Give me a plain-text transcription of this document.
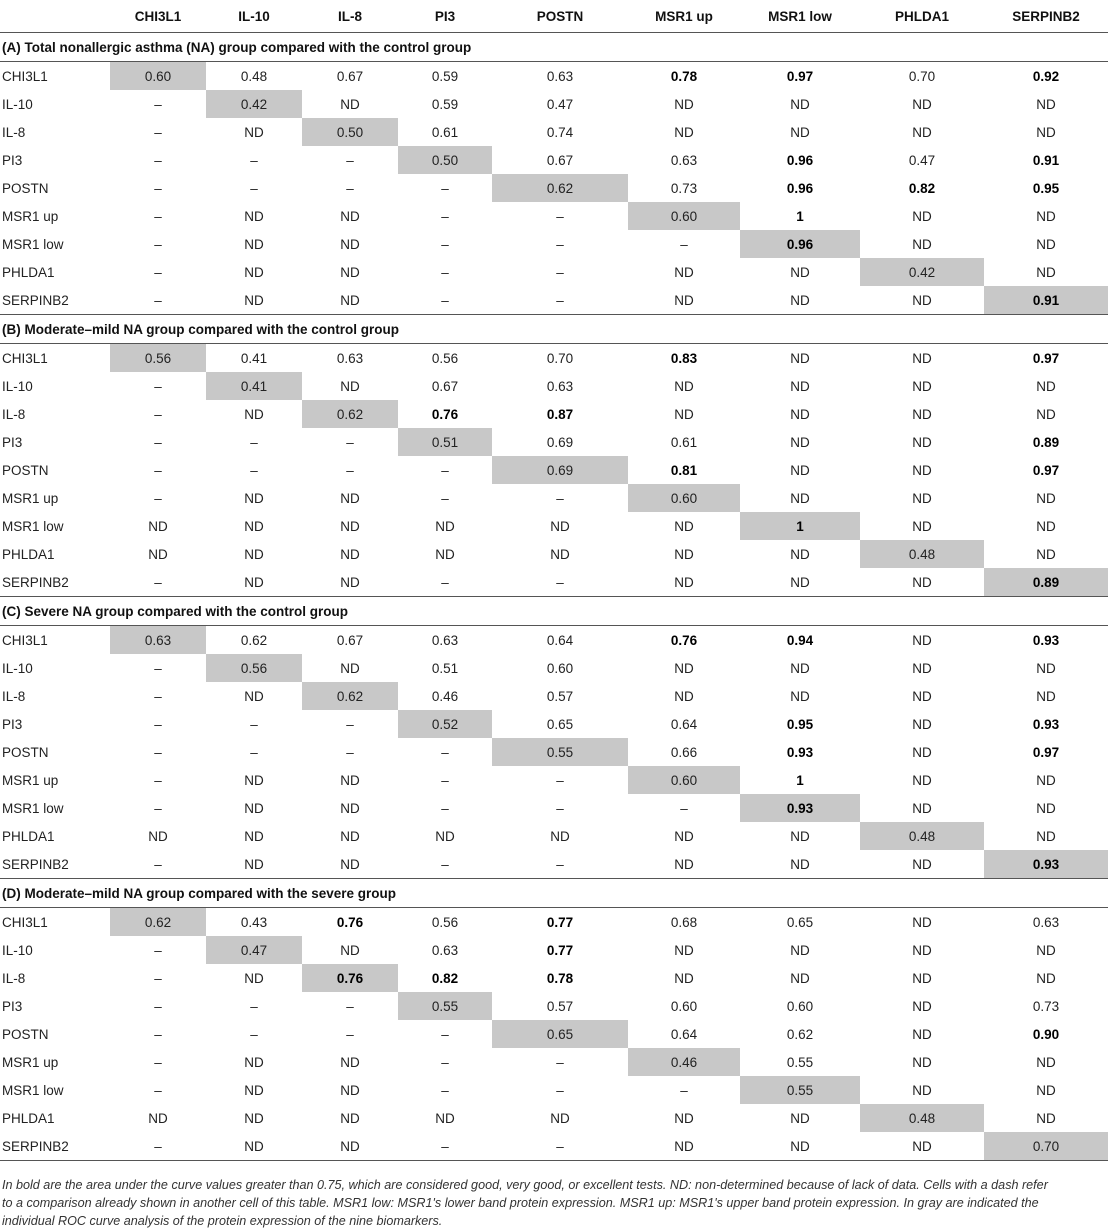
	CHI3L1	IL-10	IL-8	PI3	POSTN	MSR1 up	MSR1 low	PHLDA1	SERPINB2
(A) Total nonallergic asthma (NA) group compared with the control group									
CHI3L1	0.60	0.48	0.67	0.59	0.63	0.78	0.97	0.70	0.92
IL-10	–	0.42	ND	0.59	0.47	ND	ND	ND	ND
IL-8	–	ND	0.50	0.61	0.74	ND	ND	ND	ND
PI3	–	–	–	0.50	0.67	0.63	0.96	0.47	0.91
POSTN	–	–	–	–	0.62	0.73	0.96	0.82	0.95
MSR1 up	–	ND	ND	–	–	0.60	1	ND	ND
MSR1 low	–	ND	ND	–	–	–	0.96	ND	ND
PHLDA1	–	ND	ND	–	–	ND	ND	0.42	ND
SERPINB2	–	ND	ND	–	–	ND	ND	ND	0.91
(B) Moderate–mild NA group compared with the control group									
CHI3L1	0.56	0.41	0.63	0.56	0.70	0.83	ND	ND	0.97
IL-10	–	0.41	ND	0.67	0.63	ND	ND	ND	ND
IL-8	–	ND	0.62	0.76	0.87	ND	ND	ND	ND
PI3	–	–	–	0.51	0.69	0.61	ND	ND	0.89
POSTN	–	–	–	–	0.69	0.81	ND	ND	0.97
MSR1 up	–	ND	ND	–	–	0.60	ND	ND	ND
MSR1 low	ND	ND	ND	ND	ND	ND	1	ND	ND
PHLDA1	ND	ND	ND	ND	ND	ND	ND	0.48	ND
SERPINB2	–	ND	ND	–	–	ND	ND	ND	0.89
(C) Severe NA group compared with the control group									
CHI3L1	0.63	0.62	0.67	0.63	0.64	0.76	0.94	ND	0.93
IL-10	–	0.56	ND	0.51	0.60	ND	ND	ND	ND
IL-8	–	ND	0.62	0.46	0.57	ND	ND	ND	ND
PI3	–	–	–	0.52	0.65	0.64	0.95	ND	0.93
POSTN	–	–	–	–	0.55	0.66	0.93	ND	0.97
MSR1 up	–	ND	ND	–	–	0.60	1	ND	ND
MSR1 low	–	ND	ND	–	–	–	0.93	ND	ND
PHLDA1	ND	ND	ND	ND	ND	ND	ND	0.48	ND
SERPINB2	–	ND	ND	–	–	ND	ND	ND	0.93
(D) Moderate–mild NA group compared with the severe group									
CHI3L1	0.62	0.43	0.76	0.56	0.77	0.68	0.65	ND	0.63
IL-10	–	0.47	ND	0.63	0.77	ND	ND	ND	ND
IL-8	–	ND	0.76	0.82	0.78	ND	ND	ND	ND
PI3	–	–	–	0.55	0.57	0.60	0.60	ND	0.73
POSTN	–	–	–	–	0.65	0.64	0.62	ND	0.90
MSR1 up	–	ND	ND	–	–	0.46	0.55	ND	ND
MSR1 low	–	ND	ND	–	–	–	0.55	ND	ND
PHLDA1	ND	ND	ND	ND	ND	ND	ND	0.48	ND
SERPINB2	–	ND	ND	–	–	ND	ND	ND	0.70

In bold are the area under the curve values greater than 0.75, which are considered good, very good, or excellent tests. ND: non-determined because of lack of data. Cells with a dash refer to a comparison already shown in another cell of this table. MSR1 low: MSR1's lower band protein expression. MSR1 up: MSR1's upper band protein expression. In gray are indicated the individual ROC curve analysis of the protein expression of the nine biomarkers.
